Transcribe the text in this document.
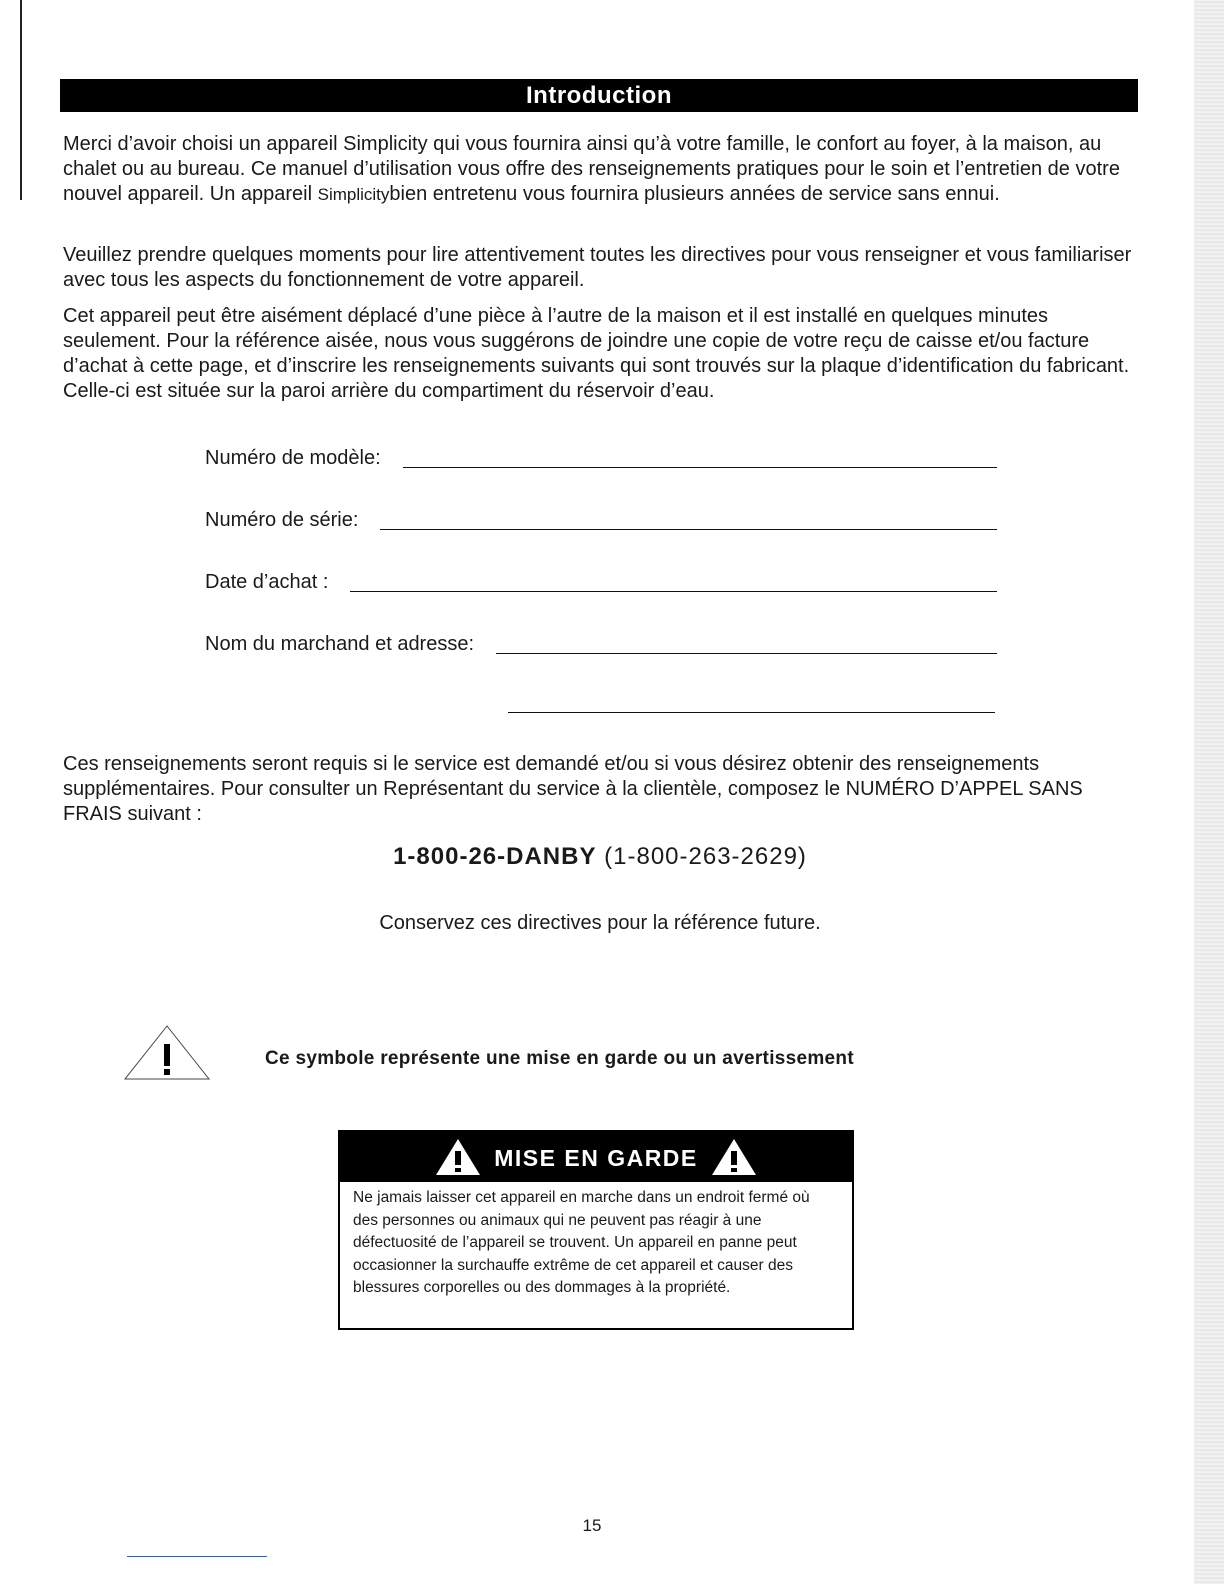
Introduction

Merci d’avoir choisi un appareil Simplicity qui vous fournira ainsi qu’à votre famille, le confort au foyer, à la maison, au chalet ou au bureau. Ce manuel d’utilisation vous offre des renseignements pratiques pour le soin et l’entretien de votre nouvel appareil. Un appareil Simplicitybien entretenu vous fournira plusieurs années de service sans ennui.

Veuillez prendre quelques moments pour lire attentivement toutes les directives pour vous renseigner et vous familiariser avec tous les aspects du fonctionnement de votre appareil.

Cet appareil peut être aisément déplacé d’une pièce à l’autre de la maison et il est installé en quelques minutes seulement. Pour la référence aisée, nous vous suggérons de joindre une copie de votre reçu de caisse et/ou facture d’achat à cette page, et d’inscrire les renseignements suivants qui sont trouvés sur la plaque d’identification du fabricant. Celle-ci est située sur la paroi arrière du compartiment du réservoir d’eau.

Numéro de modèle:
Numéro de série:
Date d’achat :
Nom du marchand et adresse:

Ces renseignements seront requis si le service est demandé et/ou si vous désirez obtenir des renseignements supplémentaires. Pour consulter un Représentant du service à la clientèle, composez le NUMÉRO D’APPEL SANS FRAIS suivant :

1-800-26-DANBY (1-800-263-2629)
Conservez ces directives pour la référence future.
Ce symbole représente une mise en garde ou un avertissement
MISE EN GARDE

Ne jamais laisser cet appareil en marche dans un endroit fermé où des personnes ou animaux qui ne peuvent pas réagir à une défectuosité de l’appareil se trouvent. Un appareil en panne peut occasionner la surchauffe extrême de cet appareil et causer des blessures corporelles ou des dommages à la propriété.

15
